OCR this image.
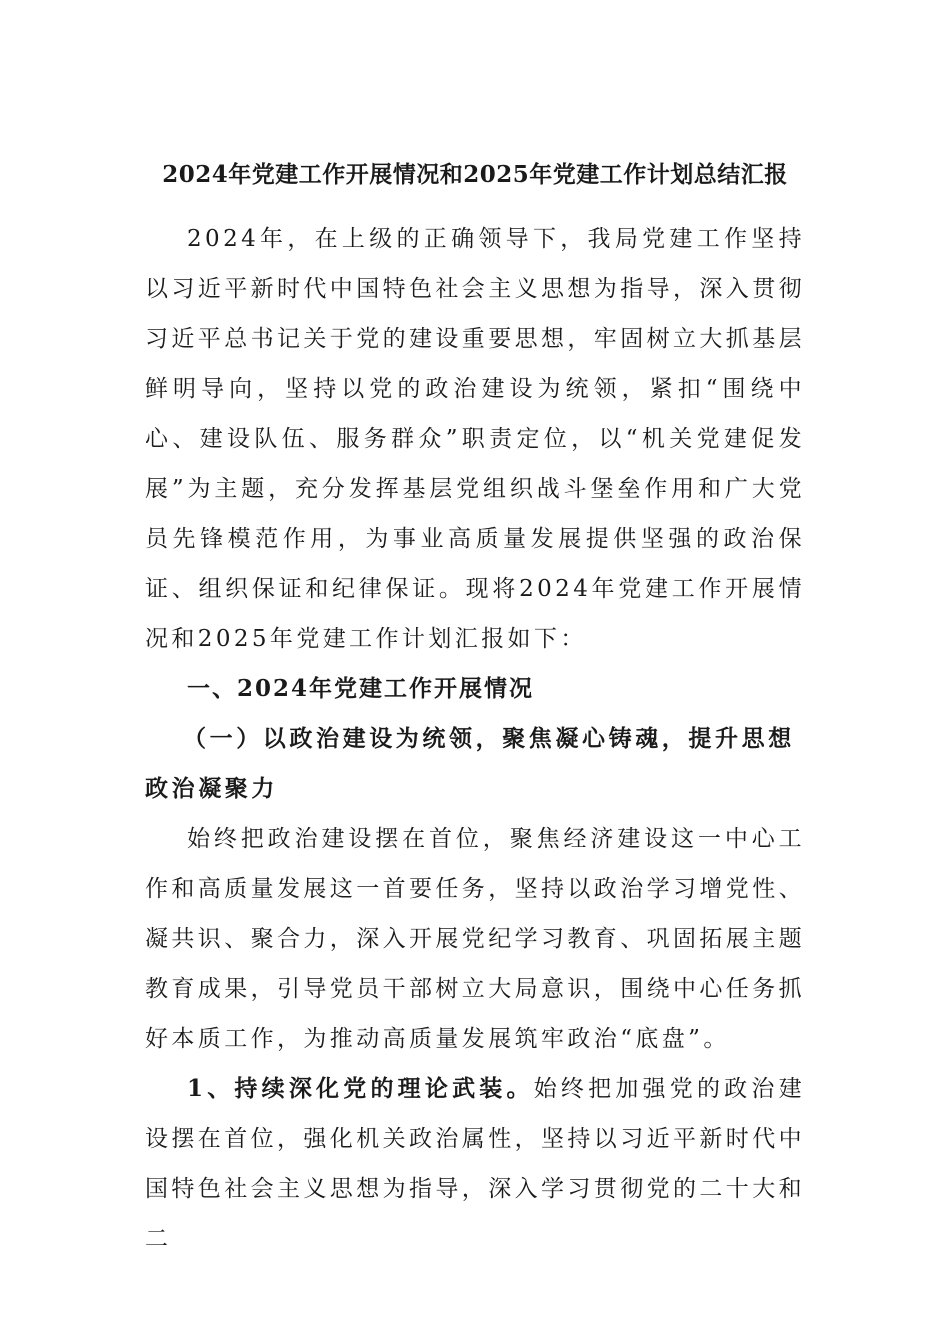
2024年党建工作开展情况和2025年党建工作计划总结汇报

2024年，在上级的正确领导下，我局党建工作坚持以习近平新时代中国特色社会主义思想为指导，深入贯彻习近平总书记关于党的建设重要思想，牢固树立大抓基层鲜明导向，坚持以党的政治建设为统领，紧扣“围绕中心、建设队伍、服务群众”职责定位，以“机关党建促发展”为主题，充分发挥基层党组织战斗堡垒作用和广大党员先锋模范作用，为事业高质量发展提供坚强的政治保证、组织保证和纪律保证。现将2024年党建工作开展情况和2025年党建工作计划汇报如下：

一、2024年党建工作开展情况

（一）以政治建设为统领，聚焦凝心铸魂，提升思想政治凝聚力

始终把政治建设摆在首位，聚焦经济建设这一中心工作和高质量发展这一首要任务，坚持以政治学习增党性、凝共识、聚合力，深入开展党纪学习教育、巩固拓展主题教育成果，引导党员干部树立大局意识，围绕中心任务抓好本质工作，为推动高质量发展筑牢政治“底盘”。

1、持续深化党的理论武装。始终把加强党的政治建设摆在首位，强化机关政治属性，坚持以习近平新时代中国特色社会主义思想为指导，深入学习贯彻党的二十大和二
